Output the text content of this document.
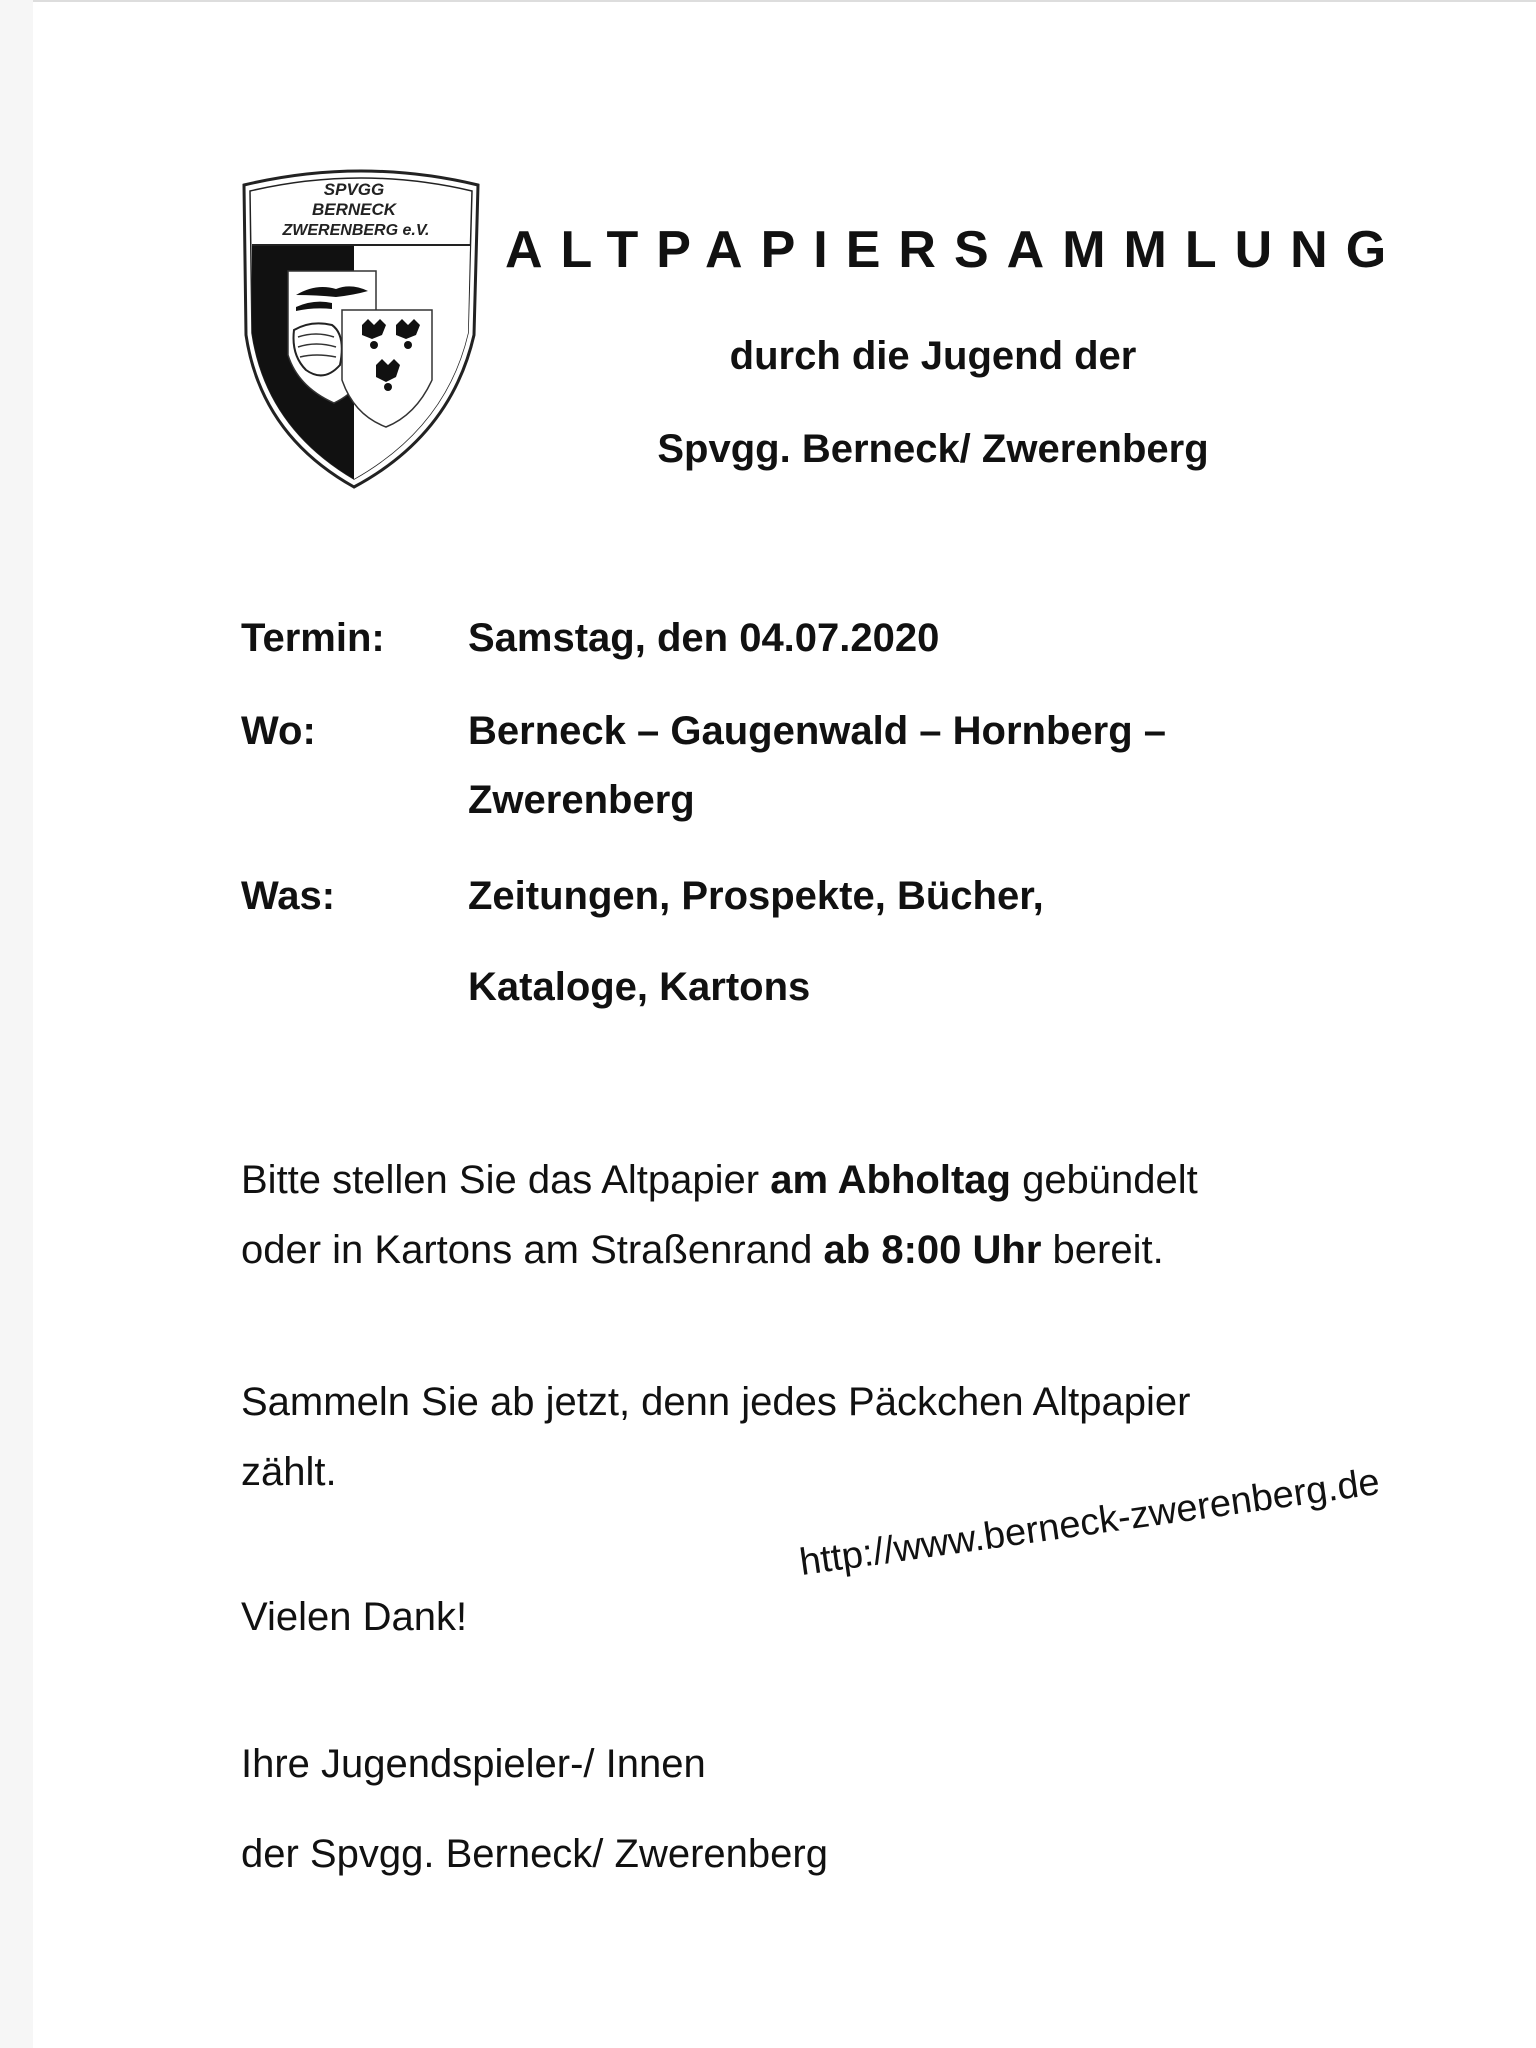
SPVGG
BERNECK
ZWERENBERG e.V. ALTPAPIERSAMMLUNG
durch die Jugend der
Spvgg. Berneck/ Zwerenberg
Termin: Samstag, den 04.07.2020
Wo:	Berneck – Gaugenwald – Hornberg –
Zwerenberg
Was:	Zeitungen, Prospekte, Bücher,
Kataloge, Kartons
Bitte stellen Sie das Altpapier am Abholtag gebündelt
oder in Kartons am Straßenrand ab 8:00 Uhr bereit.
Sammeln Sie ab jetzt, denn jedes Päckchen Altpapier
zählt.
Vielen Dank!
http://www.berneck-zwerenberg.de
Ihre Jugendspieler-/ Innen
der Spvgg. Berneck/ Zwerenberg
